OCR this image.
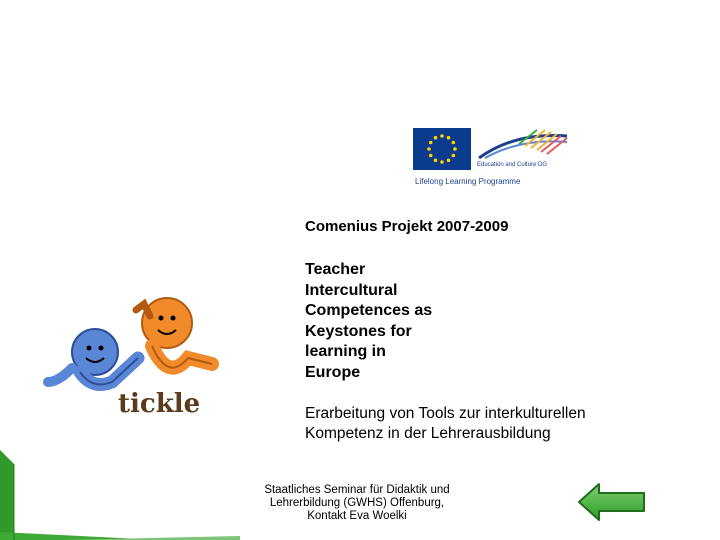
Education and Culture DG
Lifelong Learning Programme
tickle
Comenius Projekt 2007-2009
Teacher
Intercultural
Competences as
Keystones for
learning in
Europe
Erarbeitung von Tools zur interkulturellen
Kompetenz in der Lehrerausbildung
Staatliches Seminar für Didaktik und
Lehrerbildung (GWHS) Offenburg,
Kontakt Eva Woelki
